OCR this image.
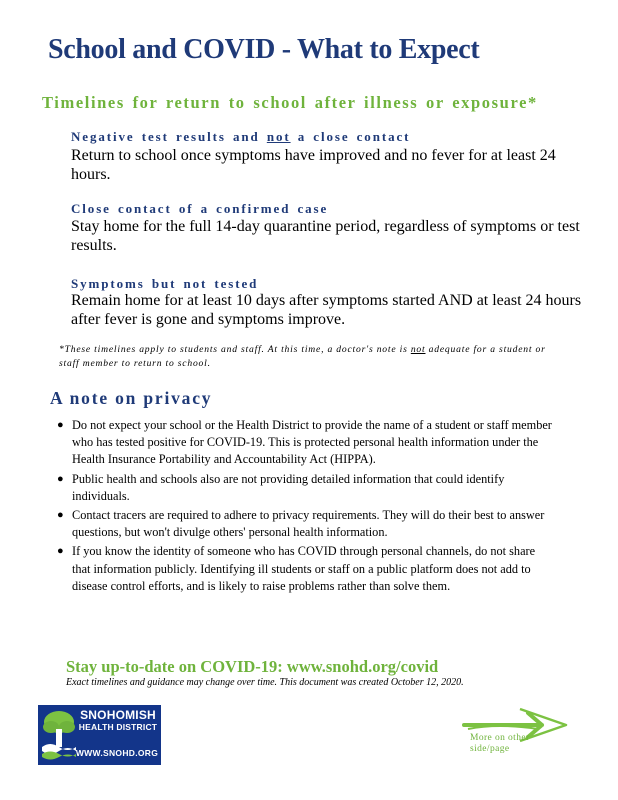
School and COVID - What to Expect
Timelines for return to school after illness or exposure*
Negative test results and not a close contact
Return to school once symptoms have improved and no fever for at least 24 hours.
Close contact of a confirmed case
Stay home for the full 14-day quarantine period, regardless of symptoms or test results.
Symptoms but not tested
Remain home for at least 10 days after symptoms started AND at least 24 hours after fever is gone and symptoms improve.
*These timelines apply to students and staff. At this time, a doctor's note is not adequate for a student or staff member to return to school.
A note on privacy
● Do not expect your school or the Health District to provide the name of a student or staff member who has tested positive for COVID-19. This is protected personal health information under the Health Insurance Portability and Accountability Act (HIPPA).
● Public health and schools also are not providing detailed information that could identify individuals.
● Contact tracers are required to adhere to privacy requirements. They will do their best to answer questions, but won't divulge others' personal health information.
● If you know the identity of someone who has COVID through personal channels, do not share that information publicly. Identifying ill students or staff on a public platform does not add to disease control efforts, and is likely to raise problems rather than solve them.
Stay up-to-date on COVID-19: www.snohd.org/covid
Exact timelines and guidance may change over time. This document was created October 12, 2020.
SNOHOMISH
HEALTH DISTRICT
WWW.SNOHD.ORG
More on other side/page
